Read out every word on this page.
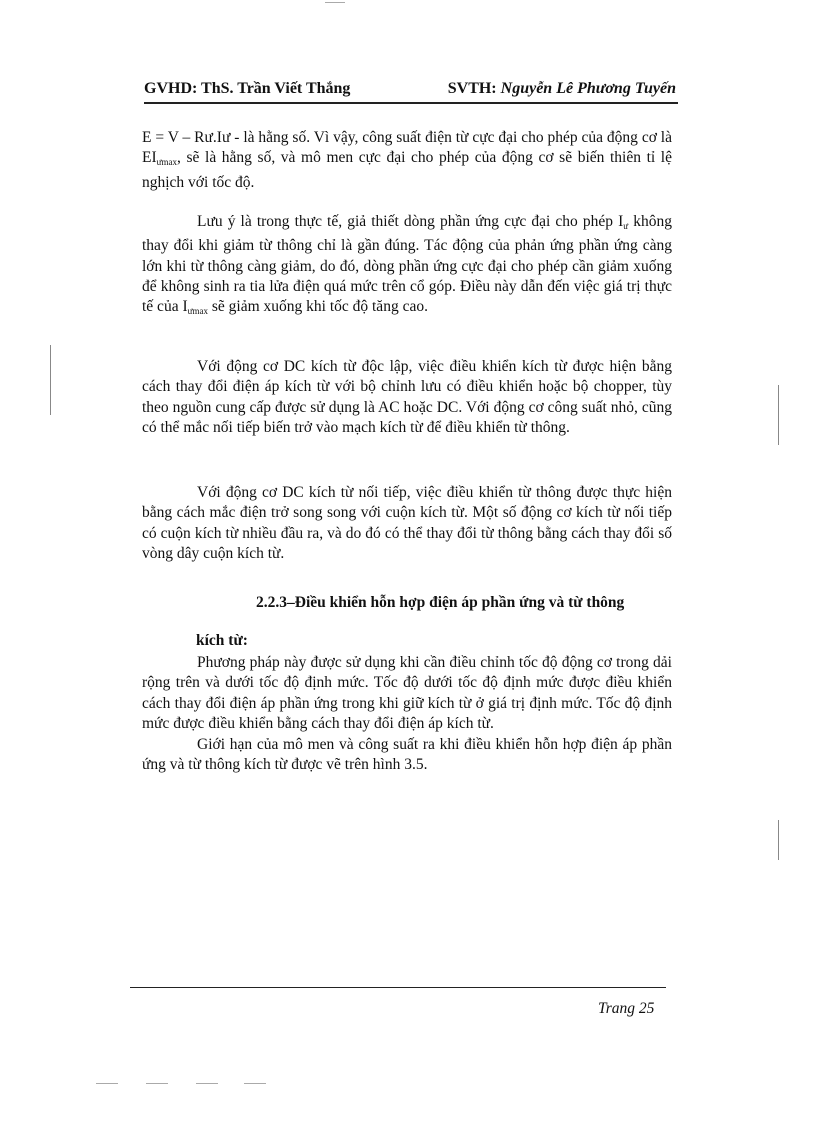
GVHD: ThS. Trần Viết Thắng	SVTH: Nguyễn Lê Phương Tuyến
E = V – Rư.Iư - là hằng số. Vì vậy, công suất điện từ cực đại cho phép của động cơ là $EI_{ưmax}$, sẽ là hằng số, và mô men cực đại cho phép của động cơ sẽ biến thiên tỉ lệ nghịch với tốc độ.
Lưu ý là trong thực tế, giả thiết dòng phần ứng cực đại cho phép $I_ư$ không thay đổi khi giảm từ thông chỉ là gần đúng. Tác động của phản ứng phần ứng càng lớn khi từ thông càng giảm, do đó, dòng phần ứng cực đại cho phép cần giảm xuống để không sinh ra tia lửa điện quá mức trên cổ góp. Điều này dẫn đến việc giá trị thực tế của $I_{ưmax}$ sẽ giảm xuống khi tốc độ tăng cao.
Với động cơ DC kích từ độc lập, việc điều khiển kích từ được hiện bằng cách thay đổi điện áp kích từ với bộ chỉnh lưu có điều khiển hoặc bộ chopper, tùy theo nguồn cung cấp được sử dụng là AC hoặc DC. Với động cơ công suất nhỏ, cũng có thể mắc nối tiếp biến trở vào mạch kích từ để điều khiển từ thông.
Với động cơ DC kích từ nối tiếp, việc điều khiển từ thông được thực hiện bằng cách mắc điện trở song song với cuộn kích từ. Một số động cơ kích từ nối tiếp có cuộn kích từ nhiều đầu ra, và do đó có thể thay đổi từ thông bằng cách thay đổi số vòng dây cuộn kích từ.
2.2.3–Điều khiển hỗn hợp điện áp phần ứng và từ thông
kích từ:
Phương pháp này được sử dụng khi cần điều chỉnh tốc độ động cơ trong dải rộng trên và dưới tốc độ định mức. Tốc độ dưới tốc độ định mức được điều khiển cách thay đổi điện áp phần ứng trong khi giữ kích từ ở giá trị định mức. Tốc độ định mức được điều khiển bằng cách thay đổi điện áp kích từ.
Giới hạn của mô men và công suất ra khi điều khiển hỗn hợp điện áp phần ứng và từ thông kích từ được vẽ trên hình 3.5.
Trang 25
